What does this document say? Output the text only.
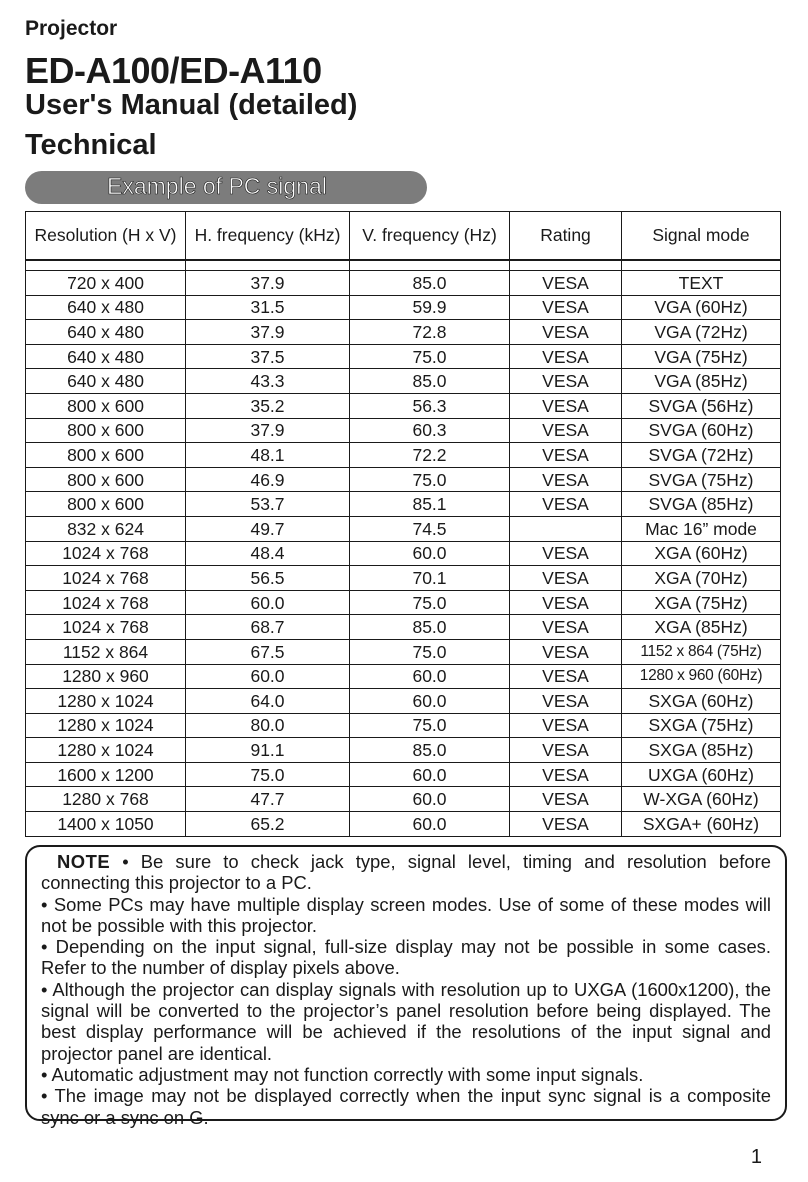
Projector
ED-A100/ED-A110
User's Manual (detailed)
Technical
Example of PC signal
Resolution (H x V)	H. frequency (kHz)	V. frequency (Hz)	Rating	Signal mode

720 x 400	37.9	85.0	VESA	TEXT
640 x 480	31.5	59.9	VESA	VGA (60Hz)
640 x 480	37.9	72.8	VESA	VGA (72Hz)
640 x 480	37.5	75.0	VESA	VGA (75Hz)
640 x 480	43.3	85.0	VESA	VGA (85Hz)
800 x 600	35.2	56.3	VESA	SVGA (56Hz)
800 x 600	37.9	60.3	VESA	SVGA (60Hz)
800 x 600	48.1	72.2	VESA	SVGA (72Hz)
800 x 600	46.9	75.0	VESA	SVGA (75Hz)
800 x 600	53.7	85.1	VESA	SVGA (85Hz)
832 x 624	49.7	74.5		Mac 16” mode
1024 x 768	48.4	60.0	VESA	XGA (60Hz)
1024 x 768	56.5	70.1	VESA	XGA (70Hz)
1024 x 768	60.0	75.0	VESA	XGA (75Hz)
1024 x 768	68.7	85.0	VESA	XGA (85Hz)
1152 x 864	67.5	75.0	VESA	1152 x 864 (75Hz)
1280 x 960	60.0	60.0	VESA	1280 x 960 (60Hz)
1280 x 1024	64.0	60.0	VESA	SXGA (60Hz)
1280 x 1024	80.0	75.0	VESA	SXGA (75Hz)
1280 x 1024	91.1	85.0	VESA	SXGA (85Hz)
1600 x 1200	75.0	60.0	VESA	UXGA (60Hz)
1280 x 768	47.7	60.0	VESA	W-XGA (60Hz)
1400 x 1050	65.2	60.0	VESA	SXGA+ (60Hz)

NOTE • Be sure to check jack type, signal level, timing and resolution before connecting this projector to a PC.

• Some PCs may have multiple display screen modes. Use of some of these modes will not be possible with this projector.

• Depending on the input signal, full-size display may not be possible in some cases. Refer to the number of display pixels above.

• Although the projector can display signals with resolution up to UXGA (1600x1200), the signal will be converted to the projector’s panel resolution before being displayed. The best display performance will be achieved if the resolutions of the input signal and projector panel are identical.

• Automatic adjustment may not function correctly with some input signals.

• The image may not be displayed correctly when the input sync signal is a composite sync or a sync on G.

1
